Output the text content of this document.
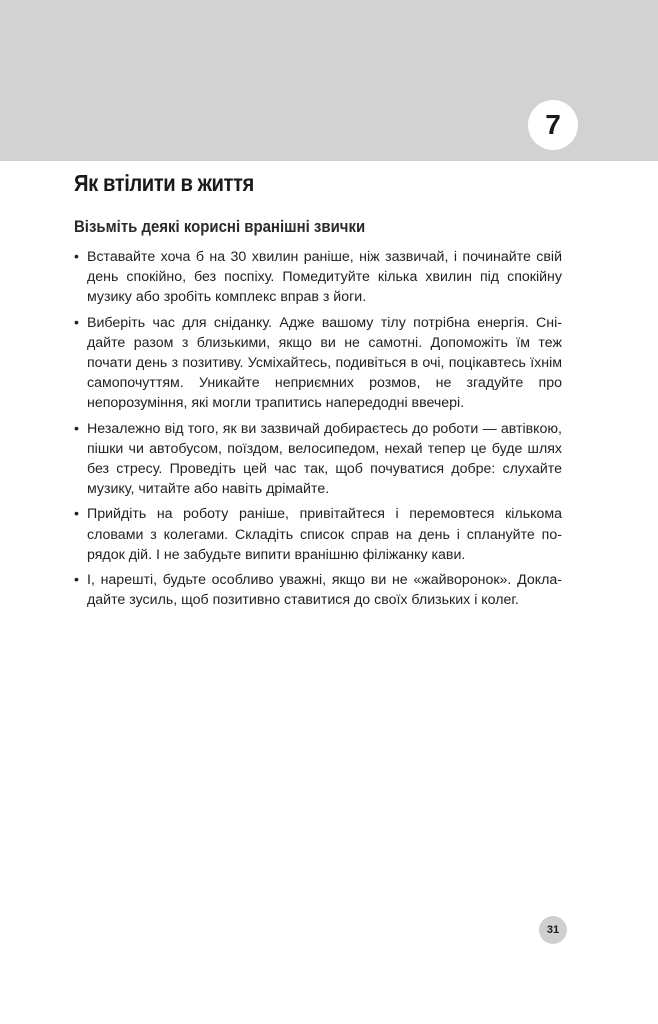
7
Як втілити в життя
Візьміть деякі корисні вранішні звички
• Вставайте хоча б на 30 хвилин раніше, ніж зазвичай, і починайте свій день спокійно, без поспіху. Помедитуйте кілька хвилин під спокійну музику або зробіть комплекс вправ з йоги.
• Виберіть час для сніданку. Адже вашому тілу потрібна енергія. Снідайте разом з близькими, якщо ви не самотні. Допоможіть їм теж почати день з позитиву. Усміхайтесь, подивіться в очі, поцікавтесь їхнім самопочуттям. Уникайте неприємних розмов, не згадуйте про непорозуміння, які могли трапитись напередодні ввечері.
• Незалежно від того, як ви зазвичай добираєтесь до роботи — автівкою, пішки чи автобусом, поїздом, велосипедом, нехай тепер це буде шлях без стресу. Проведіть цей час так, щоб почуватися добре: слухайте музику, читайте або навіть дрімайте.
• Прийдіть на роботу раніше, привітайтеся і перемовтеся кількома словами з колегами. Складіть список справ на день і сплануйте порядок дій. І не забудьте випити вранішню філіжанку кави.
• І, нарешті, будьте особливо уважні, якщо ви не «жайворонок». Докладайте зусиль, щоб позитивно ставитися до своїх близьких і колег.
31
